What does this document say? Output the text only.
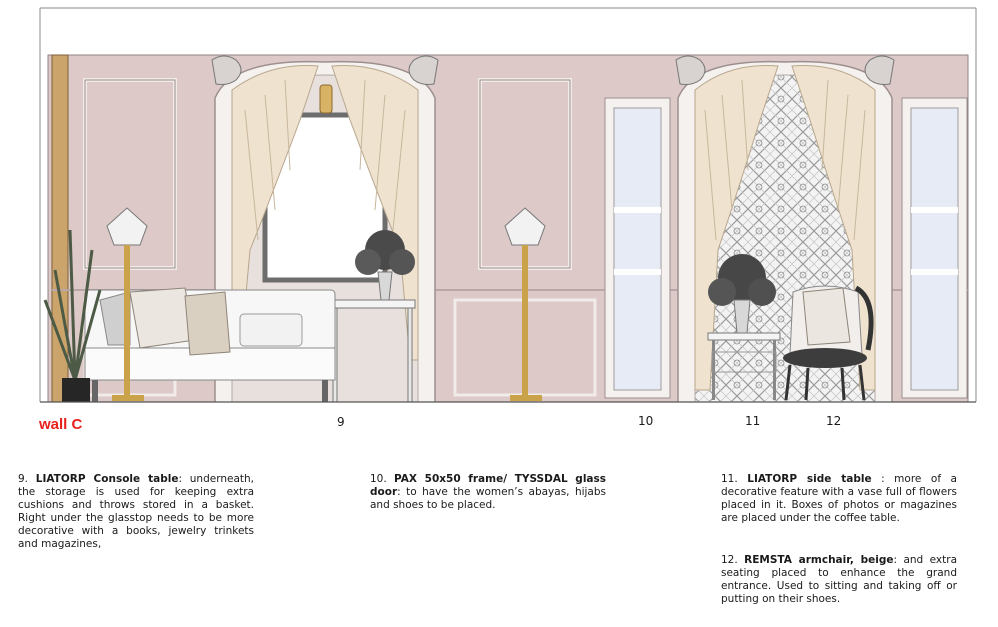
wall C	9	10	11	12
9. LIATORP Console table: underneath, the storage is used for keeping extra cushions and throws stored in a basket. Right under the glasstop needs to be more decorative with a books, jewelry trinkets and magazines,
10. PAX 50x50 frame/ TYSSDAL glass door: to have the women’s abayas, hijabs and shoes to be placed.
11. LIATORP side table : more of a decorative feature with a vase full of flowers placed in it. Boxes of photos or magazines are placed under the coffee table.
12. REMSTA armchair, beige: and extra seating placed to enhance the grand entrance. Used to sitting and taking off or putting on their shoes.
